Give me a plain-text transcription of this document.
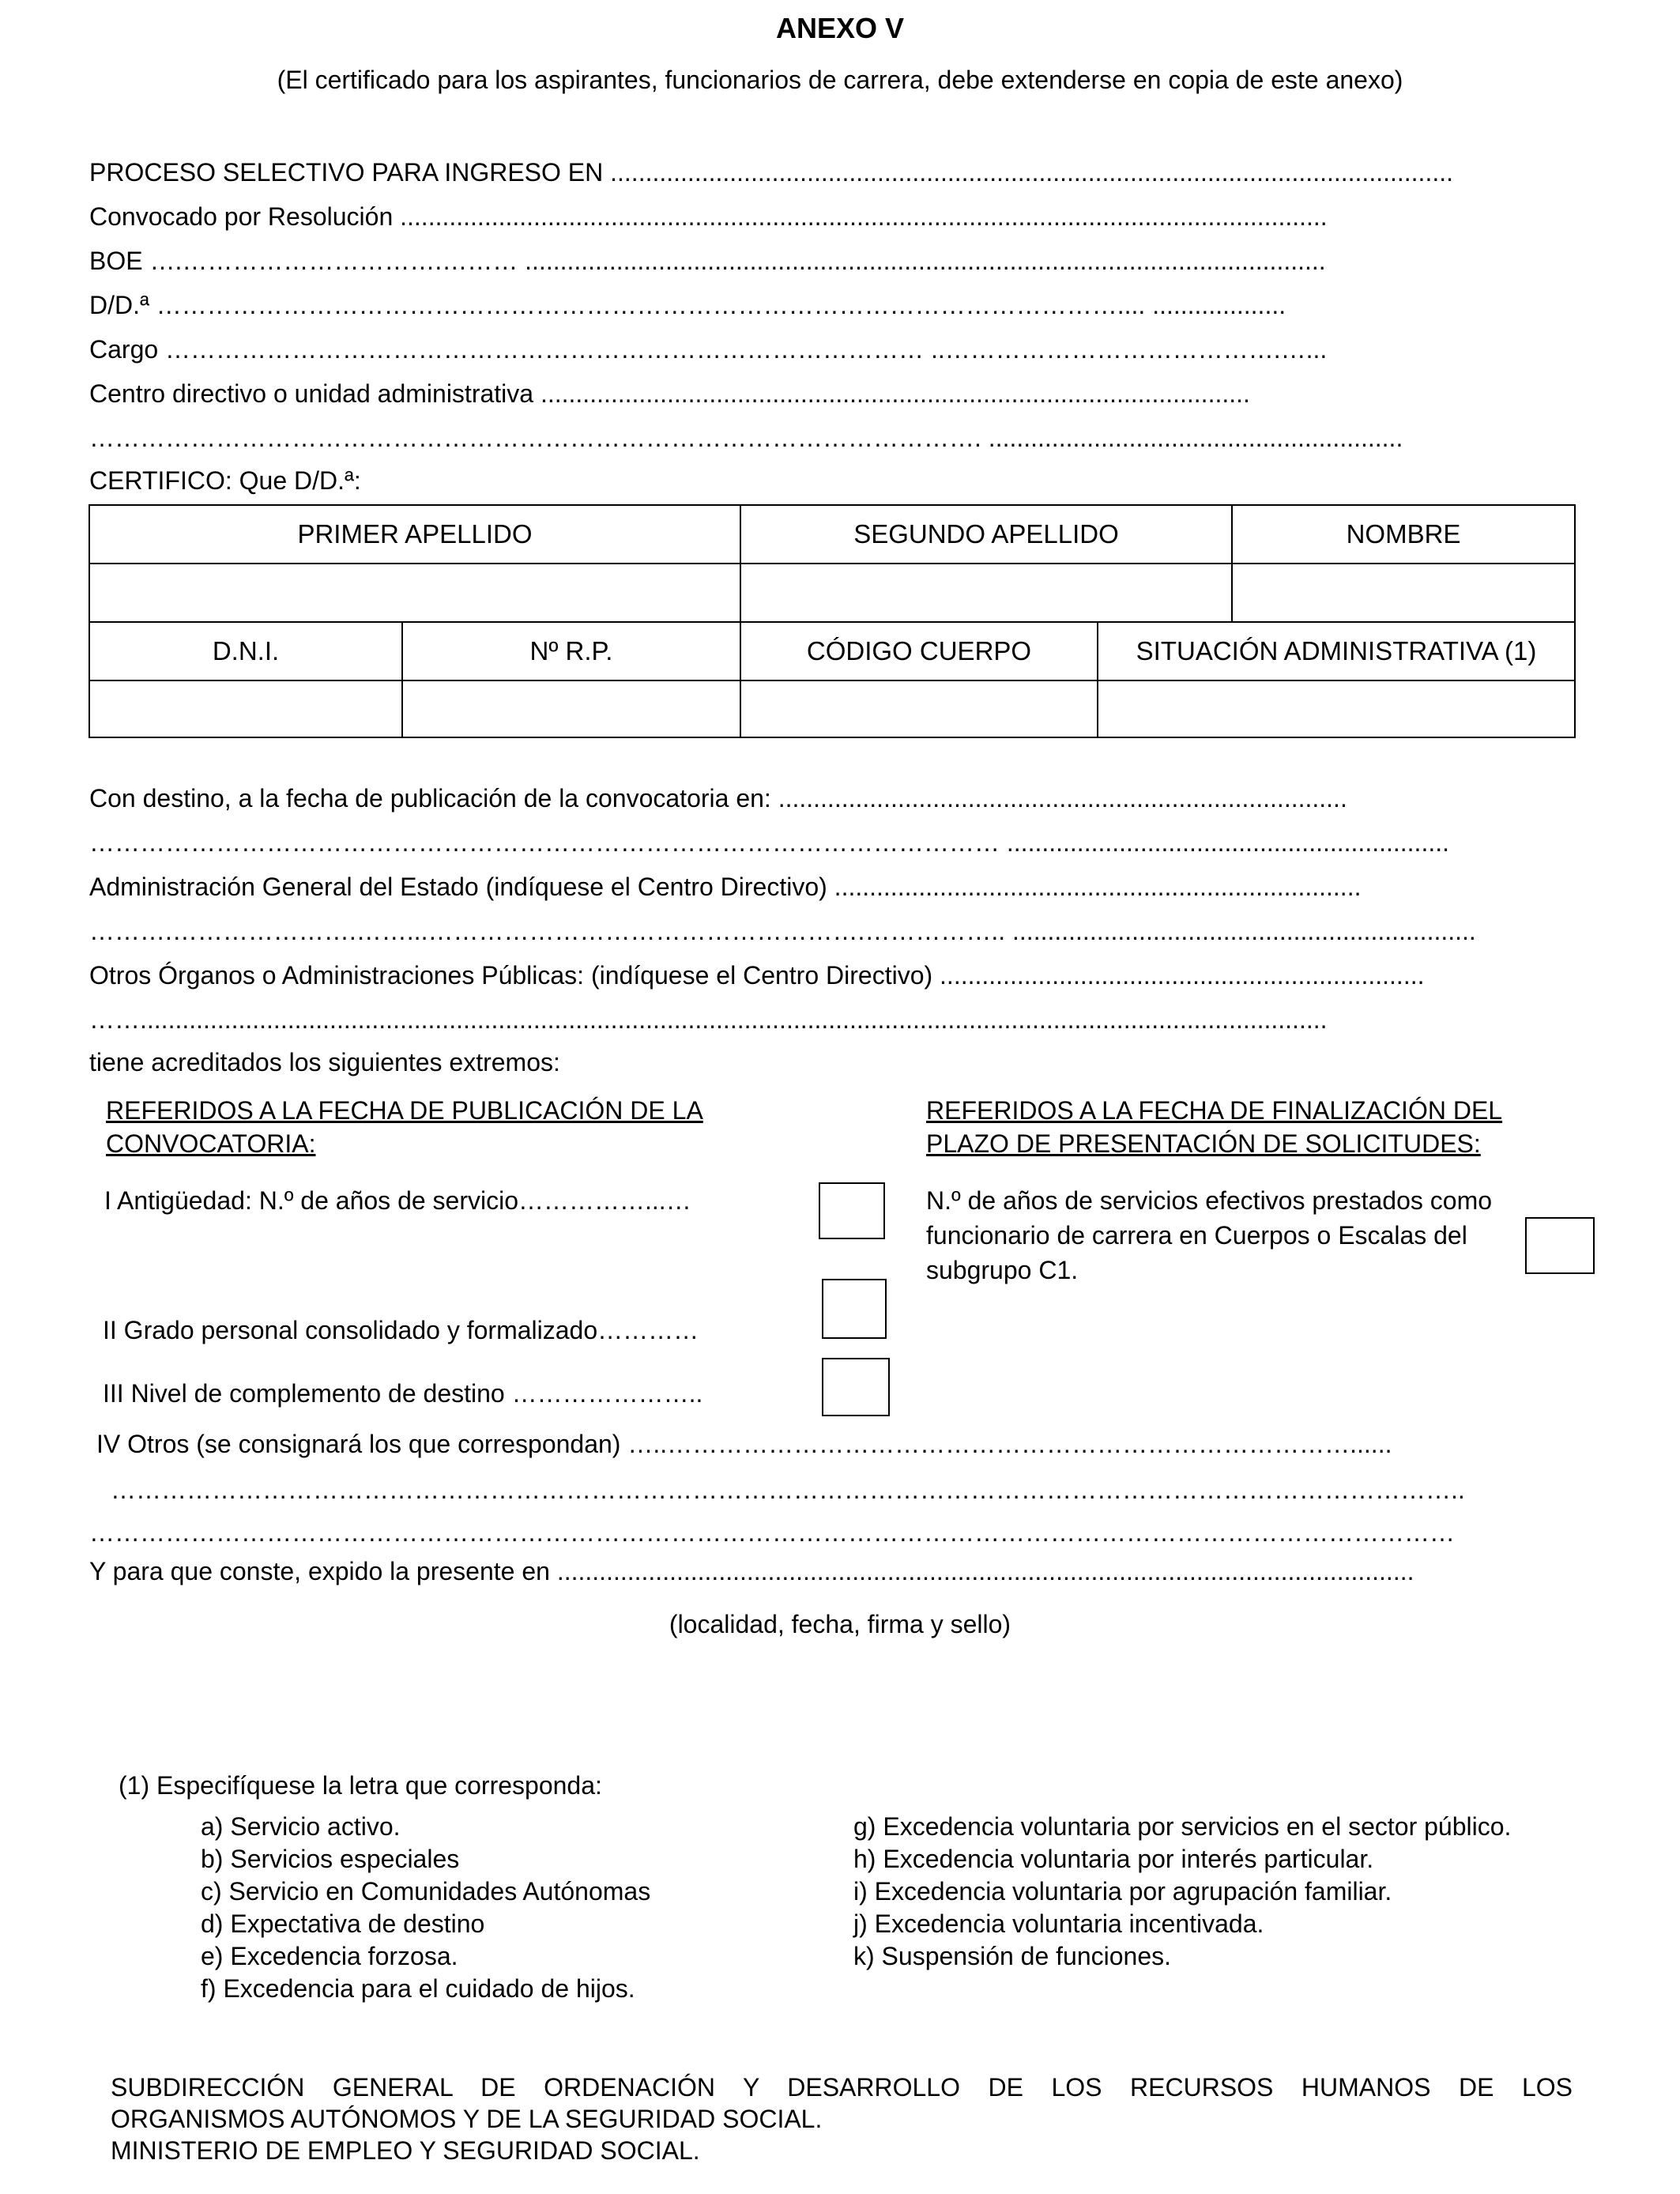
ANEXO V
(El certificado para los aspirantes, funcionarios de carrera, debe extenderse en copia de este anexo)
PROCESO SELECTIVO PARA INGRESO EN ........................................................................................................................
Convocado por Resolución ....................................................................................................................................
BOE ….………………………….……… ..................................................................................................................
D/D.ª …………………………………………………………………………………………………….... ...................
Cargo ……………………………………………………………………………… ..………………………………….…...
Centro directivo o unidad administrativa .....................................................................................................
……………………………………………………………………………………………. ...........................................................
CERTIFICO: Que D/D.ª:
PRIMER APELLIDO	SEGUNDO APELLIDO	NOMBRE

D.N.I.	Nº R.P.	CÓDIGO CUERPO	SITUACIÓN ADMINISTRATIVA (1)

Con destino, a la fecha de publicación de la convocatoria en: .................................................................................
……………………………………………………………………………………………… ...............................................................
Administración General del Estado (indíquese el Centro Directivo) ...........................................................................
……….………………….……...…………………………………………….…………….. ..................................................................
Otros Órganos o Administraciones Públicas: (indíquese el Centro Directivo) .....................................................................
…….........................................................................................................................................................................
tiene acreditados los siguientes extremos:
REFERIDOS A LA FECHA DE PUBLICACIÓN DE LA
CONVOCATORIA:
REFERIDOS A LA FECHA DE FINALIZACIÓN DEL
PLAZO DE PRESENTACIÓN DE SOLICITUDES:
I Antigüedad: N.º de años de servicio……………...…
II Grado personal consolidado y formalizado…………
III Nivel de complemento de destino …………………..
N.º de años de servicios efectivos prestados como
funcionario de carrera en Cuerpos o Escalas del
subgrupo C1.
IV Otros (se consignará los que correspondan) …..………………………………………………………………………......
……………………………………………………………………………………………………………………………………………..
………………………………………………………………………………………………………………………………………………
Y para que conste, expido la presente en ..........................................................................................................................
(localidad, fecha, firma y sello)
(1) Especifíquese la letra que corresponda:
a) Servicio activo.
b) Servicios especiales
c) Servicio en Comunidades Autónomas
d) Expectativa de destino
e) Excedencia forzosa.
f) Excedencia para el cuidado de hijos.
g) Excedencia voluntaria por servicios en el sector público.
h) Excedencia voluntaria por interés particular.
i) Excedencia voluntaria por agrupación familiar.
j) Excedencia voluntaria incentivada.
k) Suspensión de funciones.
SUBDIRECCIÓN GENERAL DE ORDENACIÓN Y DESARROLLO DE LOS RECURSOS HUMANOS DE LOS
ORGANISMOS AUTÓNOMOS Y DE LA SEGURIDAD SOCIAL.
MINISTERIO DE EMPLEO Y SEGURIDAD SOCIAL.
